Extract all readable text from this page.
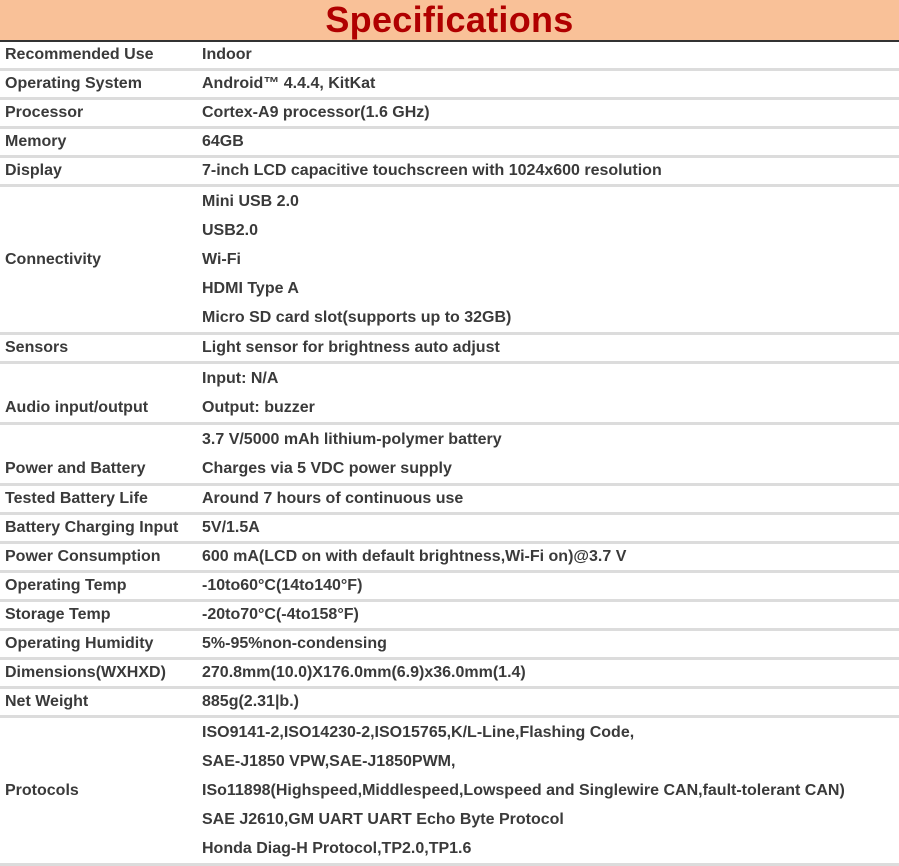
Specifications
Recommended Use	Indoor
Operating System	Android™ 4.4.4, KitKat
Processor	Cortex-A9 processor(1.6 GHz)
Memory	64GB
Display	7-inch LCD capacitive touchscreen with 1024x600 resolution
Connectivity	Mini USB 2.0
USB2.0
Wi-Fi
HDMI Type A
Micro SD card slot(supports up to 32GB)

Sensors	Light sensor for brightness auto adjust

Audio input/output	Input: N/A
Output: buzzer

Power and Battery	3.7 V/5000 mAh lithium-polymer battery
Charges via 5 VDC power supply

Tested Battery Life	Around 7 hours of continuous use
Battery Charging Input	5V/1.5A
Power Consumption	600 mA(LCD on with default brightness,Wi-Fi on)@3.7 V
Operating Temp	-10to60°C(14to140°F)
Storage Temp	-20to70°C(-4to158°F)
Operating Humidity	5%-95%non-condensing
Dimensions(WXHXD)	270.8mm(10.0)X176.0mm(6.9)x36.0mm(1.4)
Net Weight	885g(2.31|b.)
Protocols	ISO9141-2,ISO14230-2,ISO15765,K/L-Line,Flashing Code,
SAE-J1850 VPW,SAE-J1850PWM,
ISo11898(Highspeed,Middlespeed,Lowspeed and Singlewire CAN,fault-tolerant CAN)
SAE J2610,GM UART UART Echo Byte Protocol
Honda Diag-H Protocol,TP2.0,TP1.6
